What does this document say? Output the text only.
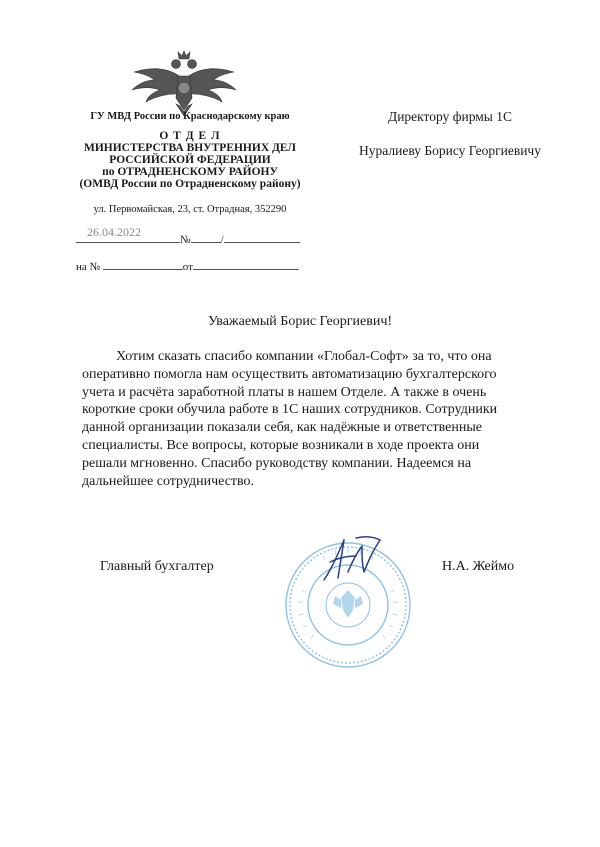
ГУ МВД России по Краснодарскому краю
О Т Д Е Л
МИНИСТЕРСТВА ВНУТРЕННИХ ДЕЛ
РОССИЙСКОЙ ФЕДЕРАЦИИ
по ОТРАДНЕНСКОМУ РАЙОНУ
(ОМВД России по Отрадненскому району)
ул. Первомайская, 23, ст. Отрадная, 352290
№	/
26.04.2022
на №	от
Директору фирмы 1С
Нуралиеву Борису Георгиевичу
Уважаемый Борис Георгиевич!
Хотим сказать спасибо компании «Глобал-Софт» за то, что она оперативно помогла нам осуществить автоматизацию бухгалтерского учета и расчёта заработной платы в нашем Отделе. А также в очень короткие сроки обучила работе в 1С наших сотрудников. Сотрудники данной организации показали себя, как надёжные и ответственные специалисты. Все вопросы, которые возникали в ходе проекта они решали мгновенно. Спасибо руководству компании. Надеемся на дальнейшее сотрудничество.
Главный бухгалтер	Н.А. Жеймо
